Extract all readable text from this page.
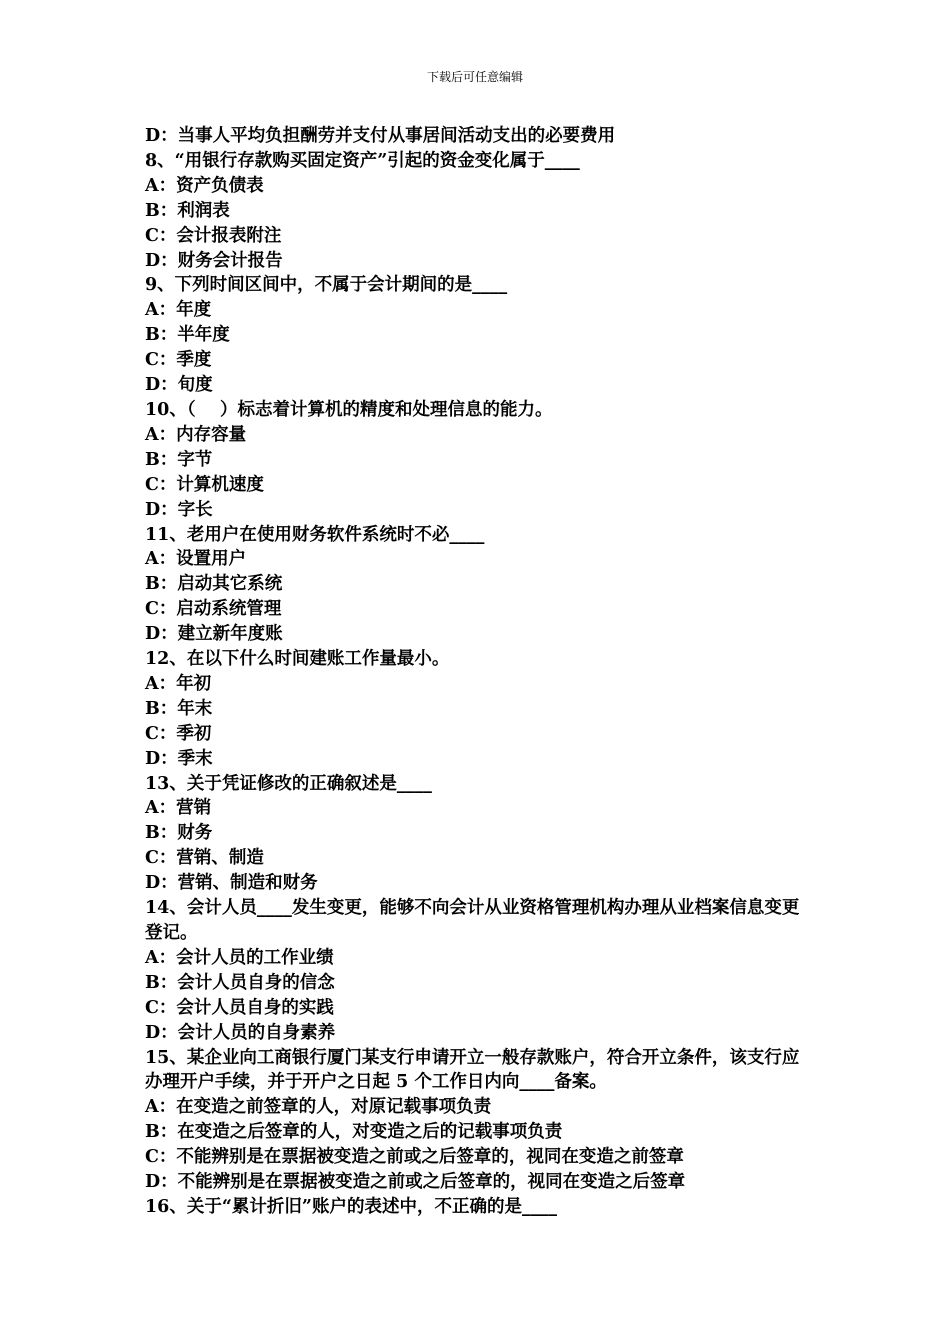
下载后可任意编辑
D：当事人平均负担酬劳并支付从事居间活动支出的必要费用
8、“用银行存款购买固定资产”引起的资金变化属于____
A：资产负债表
B：利润表
C：会计报表附注
D：财务会计报告
9、下列时间区间中，不属于会计期间的是____
A：年度
B：半年度
C：季度
D：旬度
10、（    ）标志着计算机的精度和处理信息的能力。
A：内存容量
B：字节
C：计算机速度
D：字长
11、老用户在使用财务软件系统时不必____
A：设置用户
B：启动其它系统
C：启动系统管理
D：建立新年度账
12、在以下什么时间建账工作量最小。
A：年初
B：年末
C：季初
D：季末
13、关于凭证修改的正确叙述是____
A：营销
B：财务
C：营销、制造
D：营销、制造和财务
14、会计人员____发生变更，能够不向会计从业资格管理机构办理从业档案信息变更登记。
A：会计人员的工作业绩
B：会计人员自身的信念
C：会计人员自身的实践
D：会计人员的自身素养
15、某企业向工商银行厦门某支行申请开立一般存款账户，符合开立条件，该支行应办理开户手续，并于开户之日起 5 个工作日内向____备案。
A：在变造之前签章的人，对原记载事项负责
B：在变造之后签章的人，对变造之后的记载事项负责
C：不能辨别是在票据被变造之前或之后签章的，视同在变造之前签章
D：不能辨别是在票据被变造之前或之后签章的，视同在变造之后签章
16、关于“累计折旧”账户的表述中，不正确的是____
